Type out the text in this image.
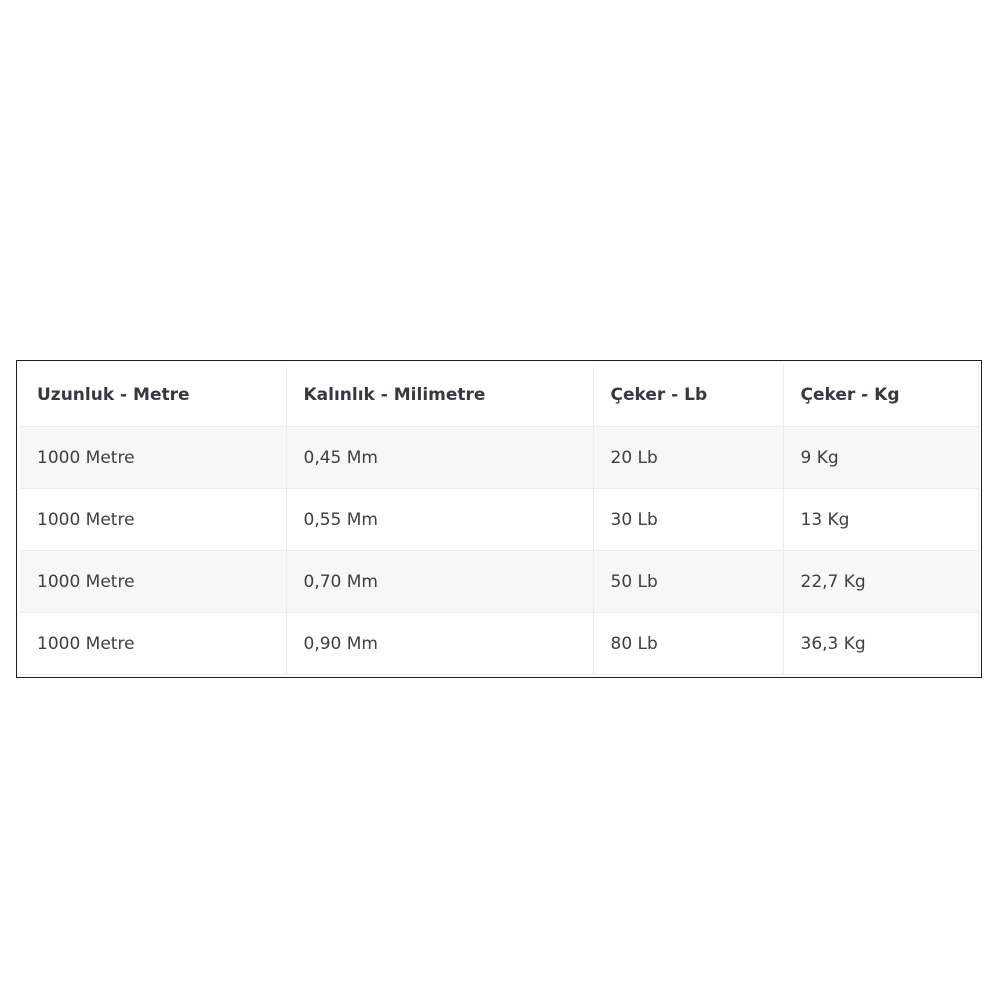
Uzunluk - Metre	Kalınlık - Milimetre	Çeker - Lb	Çeker - Kg
1000 Metre	0,45 Mm	20 Lb	9 Kg
1000 Metre	0,55 Mm	30 Lb	13 Kg
1000 Metre	0,70 Mm	50 Lb	22,7 Kg
1000 Metre	0,90 Mm	80 Lb	36,3 Kg
